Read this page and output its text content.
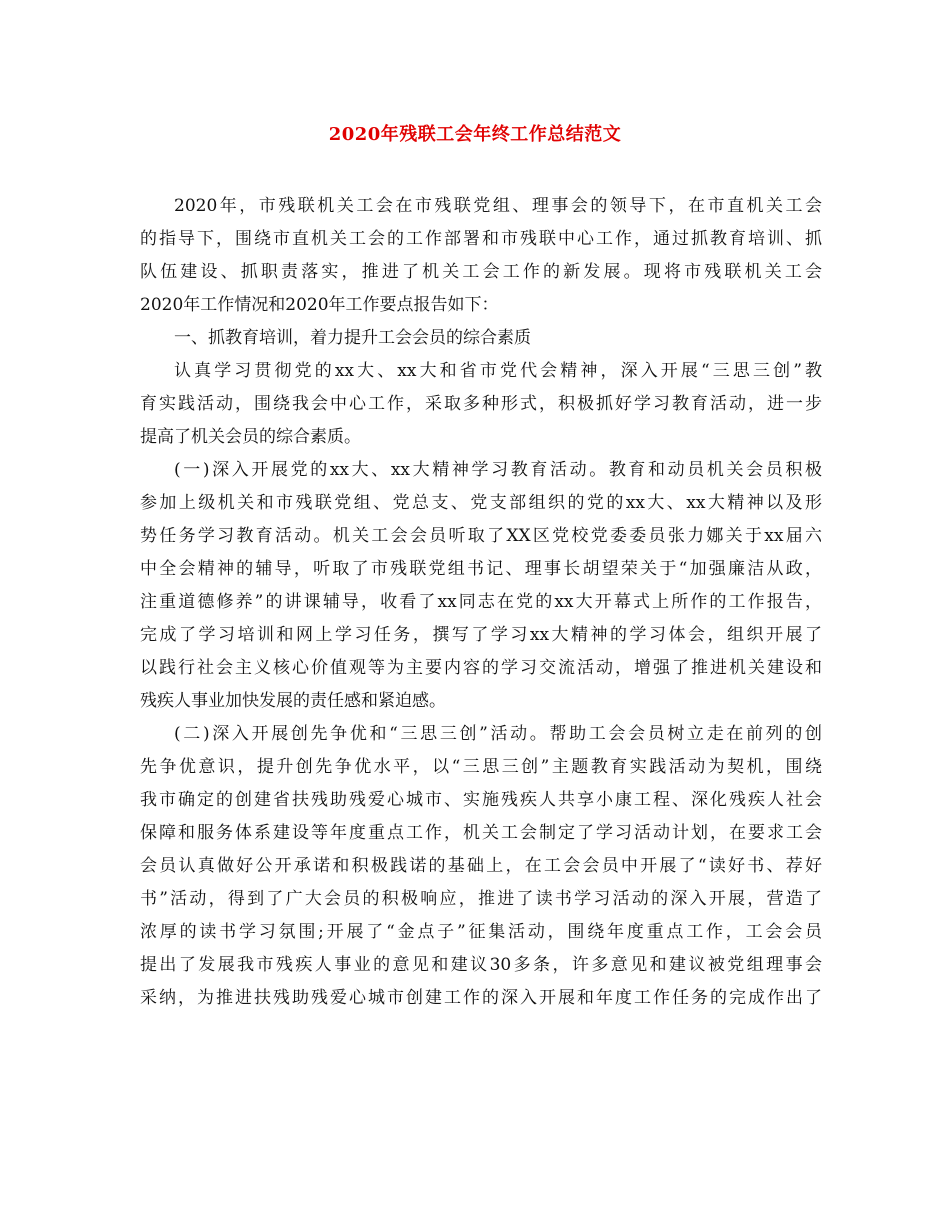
2020年残联工会年终工作总结范文
2020年，市残联机关工会在市残联党组、理事会的领导下，在市直机关工会
的指导下，围绕市直机关工会的工作部署和市残联中心工作，通过抓教育培训、抓
队伍建设、抓职责落实，推进了机关工会工作的新发展。现将市残联机关工会
2020年工作情况和2020年工作要点报告如下：
一、抓教育培训，着力提升工会会员的综合素质
认真学习贯彻党的xx大、xx大和省市党代会精神，深入开展“三思三创”教
育实践活动，围绕我会中心工作，采取多种形式，积极抓好学习教育活动，进一步
提高了机关会员的综合素质。
(一)深入开展党的xx大、xx大精神学习教育活动。教育和动员机关会员积极
参加上级机关和市残联党组、党总支、党支部组织的党的xx大、xx大精神以及形
势任务学习教育活动。机关工会会员听取了XX区党校党委委员张力娜关于xx届六
中全会精神的辅导，听取了市残联党组书记、理事长胡望荣关于“加强廉洁从政，
注重道德修养”的讲课辅导，收看了xx同志在党的xx大开幕式上所作的工作报告，
完成了学习培训和网上学习任务，撰写了学习xx大精神的学习体会，组织开展了
以践行社会主义核心价值观等为主要内容的学习交流活动，增强了推进机关建设和
残疾人事业加快发展的责任感和紧迫感。
(二)深入开展创先争优和“三思三创”活动。帮助工会会员树立走在前列的创
先争优意识，提升创先争优水平，以“三思三创”主题教育实践活动为契机，围绕
我市确定的创建省扶残助残爱心城市、实施残疾人共享小康工程、深化残疾人社会
保障和服务体系建设等年度重点工作，机关工会制定了学习活动计划，在要求工会
会员认真做好公开承诺和积极践诺的基础上，在工会会员中开展了“读好书、荐好
书”活动，得到了广大会员的积极响应，推进了读书学习活动的深入开展，营造了
浓厚的读书学习氛围;开展了“金点子”征集活动，围绕年度重点工作，工会会员
提出了发展我市残疾人事业的意见和建议30多条，许多意见和建议被党组理事会
采纳，为推进扶残助残爱心城市创建工作的深入开展和年度工作任务的完成作出了
